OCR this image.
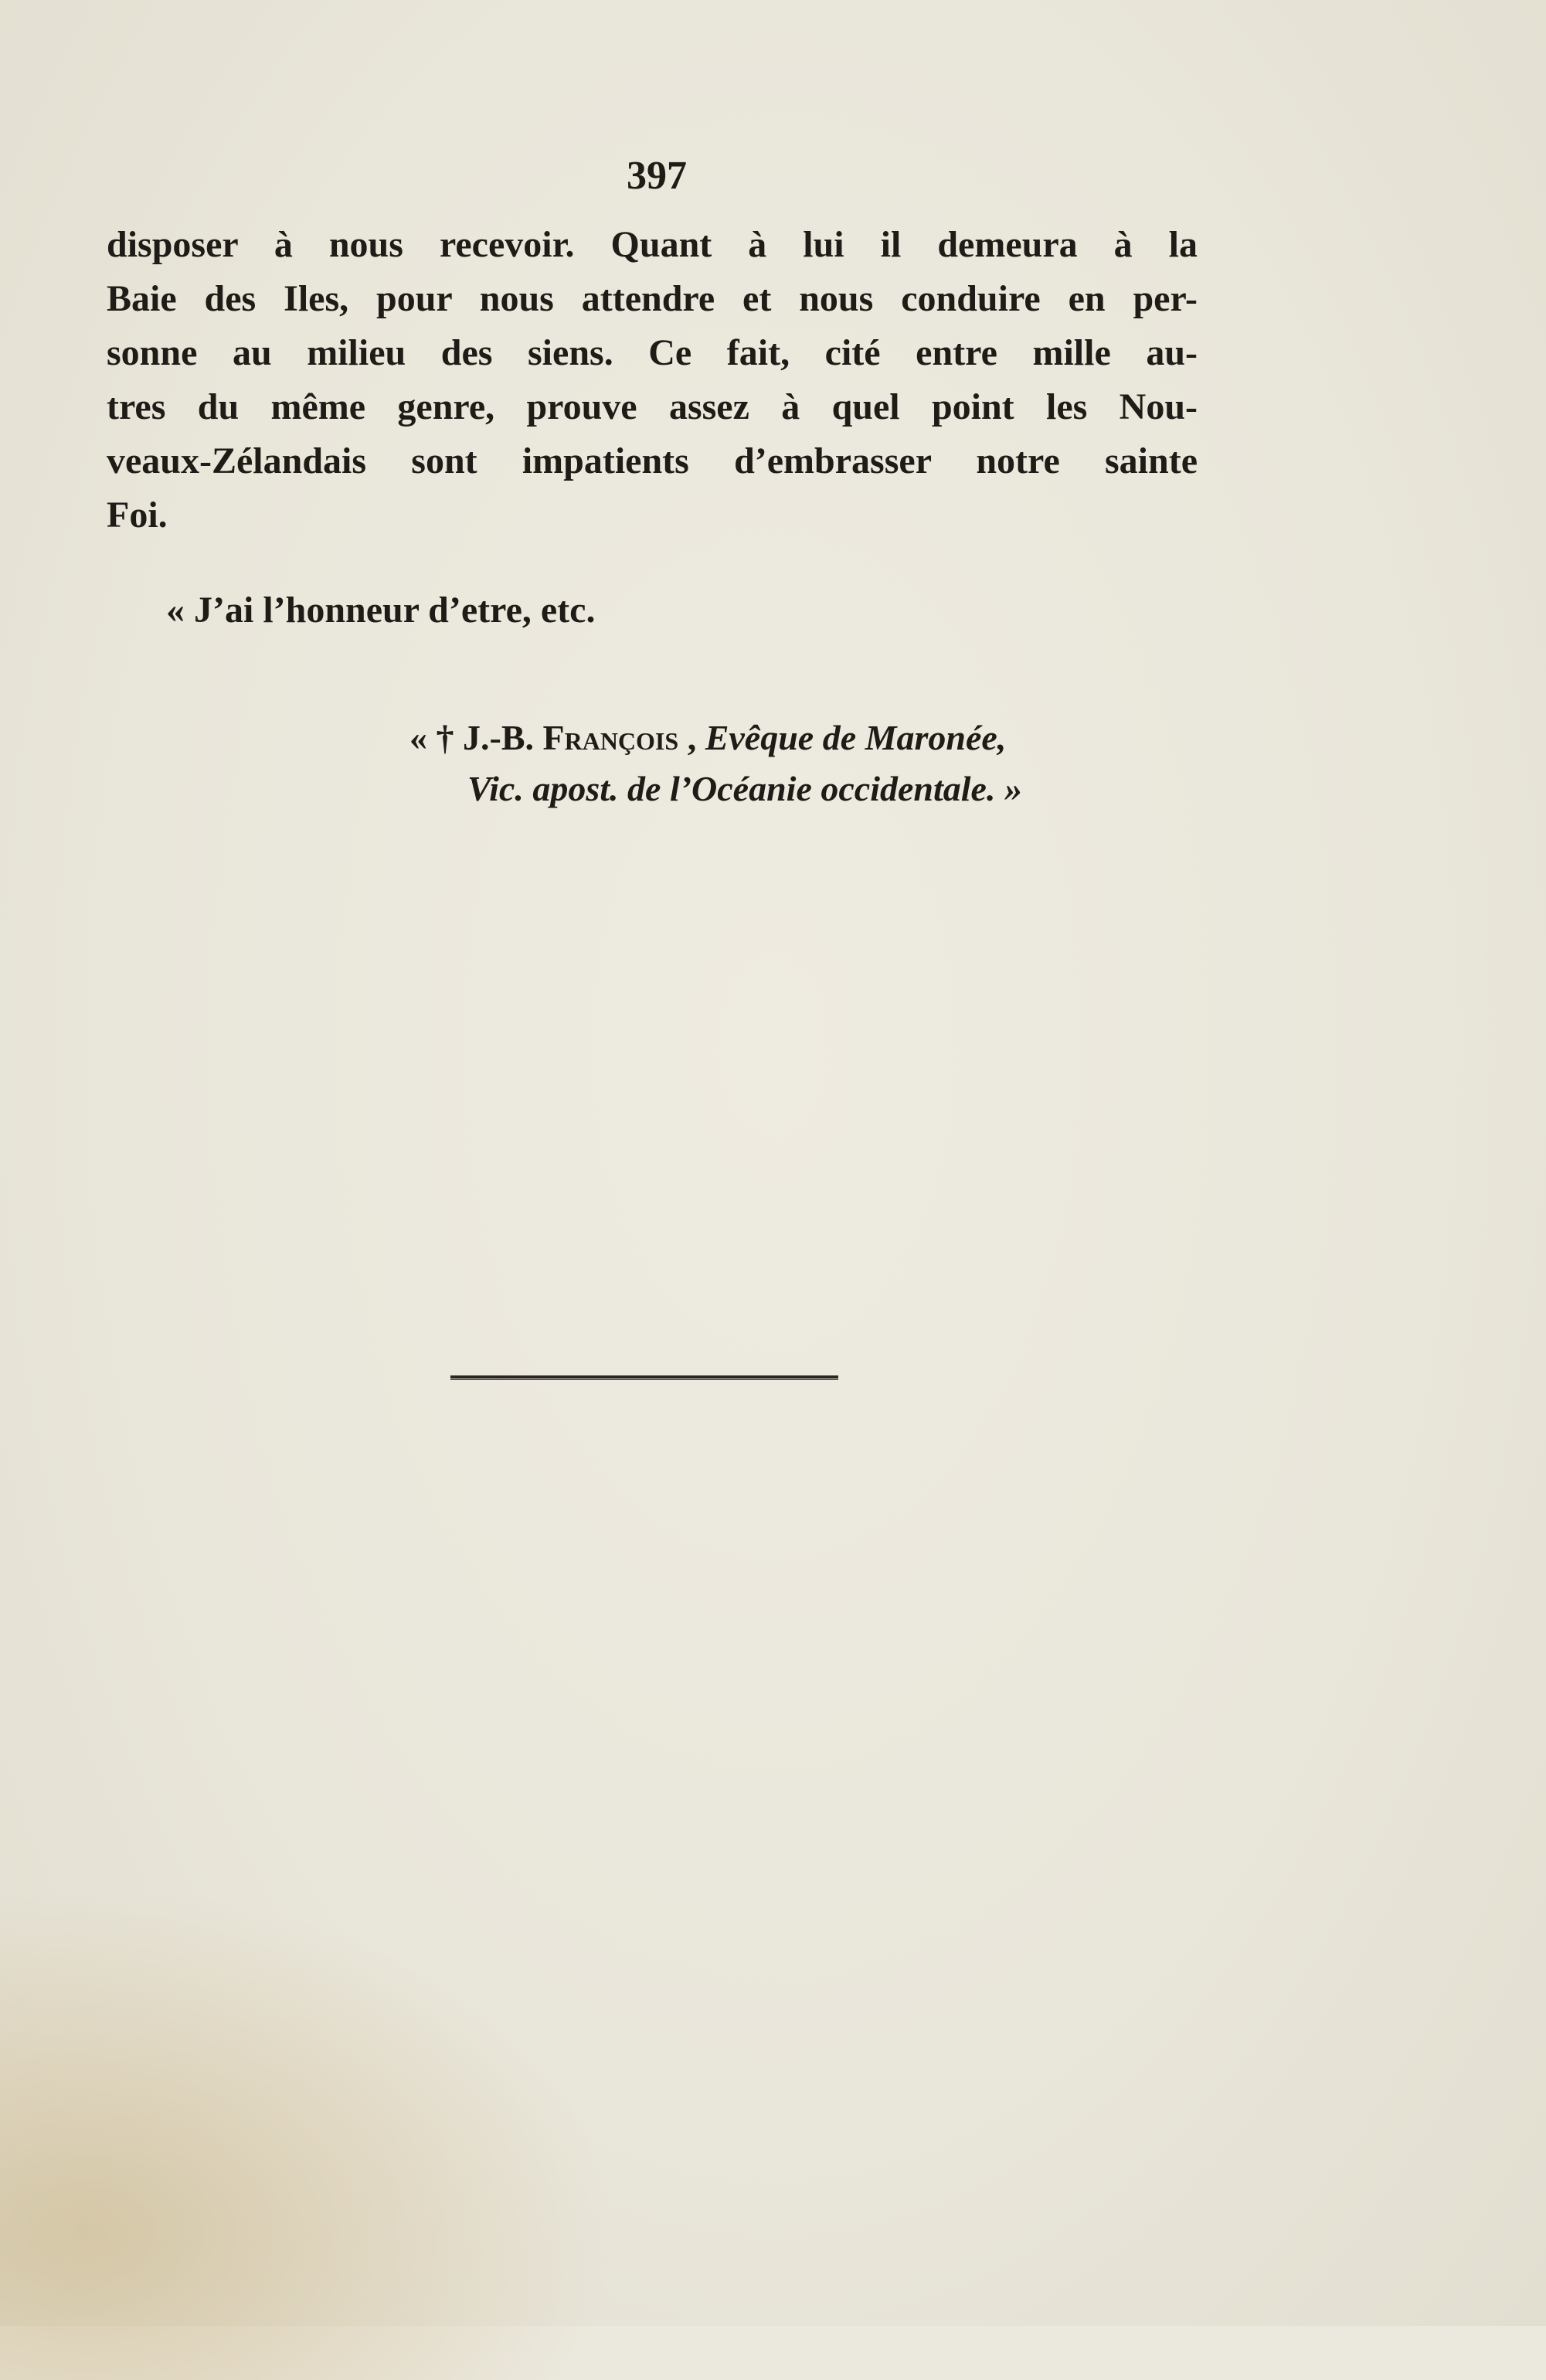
397
disposer à nous recevoir. Quant à lui il demeura à la
Baie des Iles, pour nous attendre et nous conduire en per-
sonne au milieu des siens. Ce fait, cité entre mille au-
tres du même genre, prouve assez à quel point les Nou-
veaux-Zélandais sont impatients d’embrasser notre sainte
Foi.
« J’ai l’honneur d’etre, etc.
« † J.-B. François , Evêque de Maronée,
Vic. apost. de l’Océanie occidentale. »
